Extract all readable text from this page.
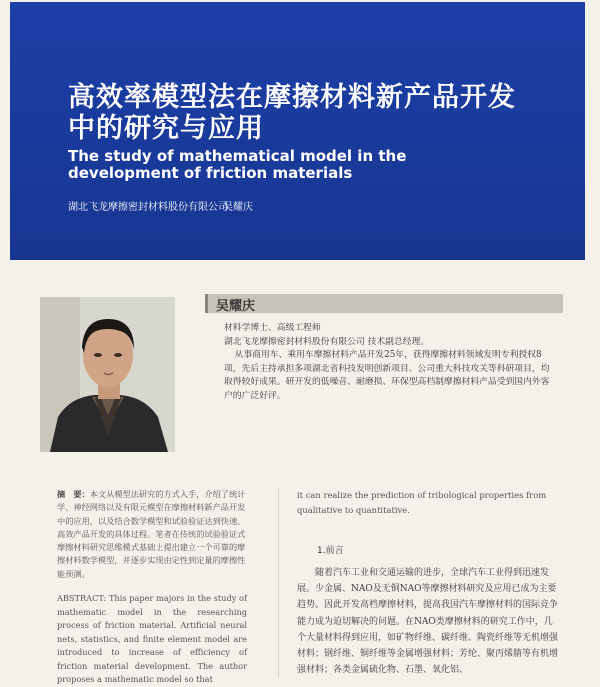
高效率模型法在摩擦材料新产品开发中的研究与应用
The study of mathematical model in the development of friction materials
湖北飞龙摩擦密封材料股份有限公司
吴耀庆
吴耀庆

材料学博士、高级工程师

湖北飞龙摩擦密封材料股份有限公司 技术副总经理。

从事商用车、乘用车摩擦材料产品开发25年，获得摩擦材料领域发明专利授权8项，先后主持承担多项湖北省科技发明创新项目、公司重大科技攻关等科研项目，均取得较好成果。研开发的低噪音、耐磨损、环保型高档制摩擦材料产品受到国内外客户的广泛好评。

摘　要：本文从模型法研究的方式入手，介绍了统计学、神经网络以及有限元模型在摩擦材料新产品开发中的应用，以及结合数学模型和试验验证达到快速、高效产品开发的具体过程。笔者在传统的试验验证式摩擦材料研究思维模式基础上提出建立一个可靠的摩擦材料数学模型，并逐步实现由定性到定量的摩擦性能预测。
ABSTRACT: This paper majors in the study of mathematic model in the researching process of friction material. Artificial neural nets, statistics, and finite element model are introduced to increase of efficiency of friction material development. The author proposes a mathematic model so that
it can realize the prediction of tribological properties from qualitative to quantitative.
1.前言
随着汽车工业和交通运输的进步，全球汽车工业得到迅速发展。少金属、NAO及无铜NAO等摩擦材料研究及应用已成为主要趋势。因此开发高档摩擦材料，提高我国汽车摩擦材料的国际竞争能力成为迫切解决的问题。在NAO类摩擦材料的研究工作中，几个大量材料得到应用，如矿物纤维、碳纤维、陶瓷纤维等无机增强材料；钢纤维、铜纤维等金属增强材料；芳纶、聚丙烯腈等有机增强材料；各类金属硫化物、石墨、氧化铝、
